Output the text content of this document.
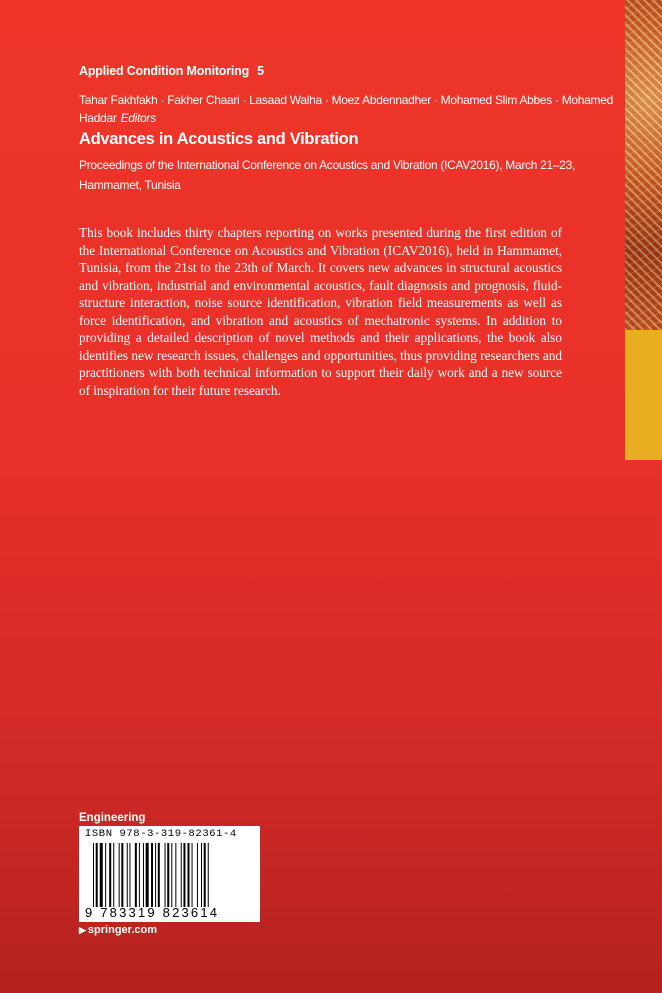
Applied Condition Monitoring 5
Tahar Fakhfakh · Fakher Chaari · Lasaad Walha · Moez Abdennadher · Mohamed Slim Abbes · Mohamed Haddar Editors
Advances in Acoustics and Vibration
Proceedings of the International Conference on Acoustics and Vibration (ICAV2016), March 21–23, Hammamet, Tunisia
This book includes thirty chapters reporting on works presented during the first edition of the International Conference on Acoustics and Vibration (ICAV2016), held in Hammamet, Tunisia, from the 21st to the 23th of March. It covers new advances in structural acoustics and vibration, industrial and environmental acoustics, fault diagnosis and prognosis, fluid- structure interaction, noise source identification, vibration field measurements as well as force identification, and vibration and acoustics of mechatronic systems. In addition to providing a detailed description of novel methods and their applications, the book also identifies new research issues, challenges and opportunities, thus providing researchers and practitioners with both technical information to support their daily work and a new source of inspiration for their future research.
Engineering
ISBN 978-3-319-82361-4
9 783319 823614
▶ springer.com
